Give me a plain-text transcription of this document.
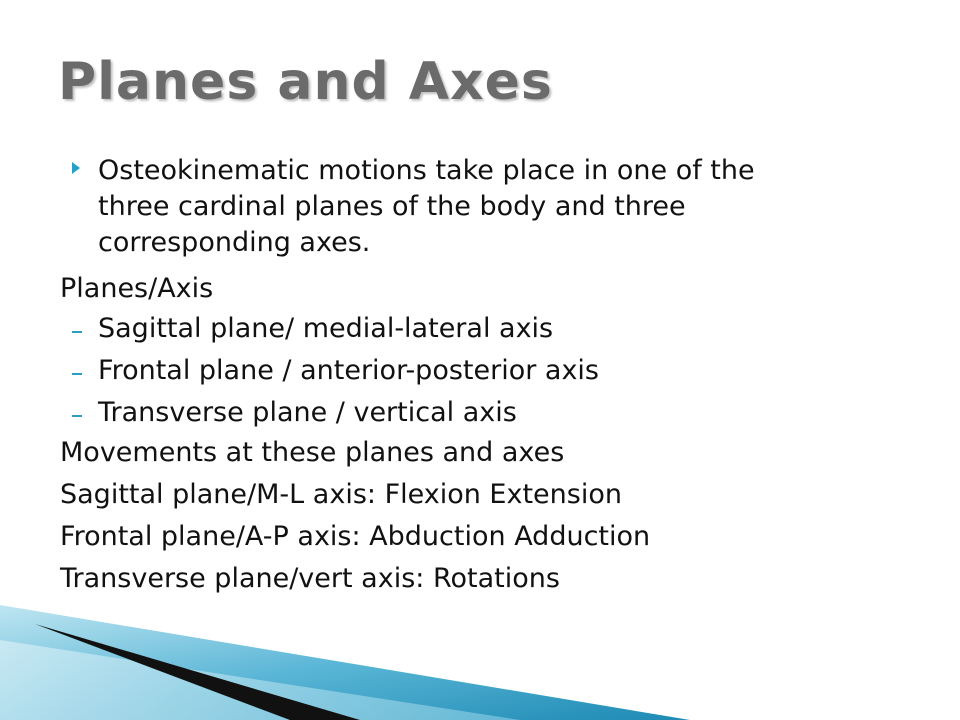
Planes and Axes
Osteokinematic motions take place in one of the
three cardinal planes of the body and three
corresponding axes.
Planes/Axis
Sagittal plane/ medial-lateral axis
Frontal plane / anterior-posterior axis
Transverse plane / vertical axis
Movements at these planes and axes
Sagittal plane/M-L axis: Flexion Extension
Frontal plane/A-P axis: Abduction Adduction
Transverse plane/vert axis: Rotations
